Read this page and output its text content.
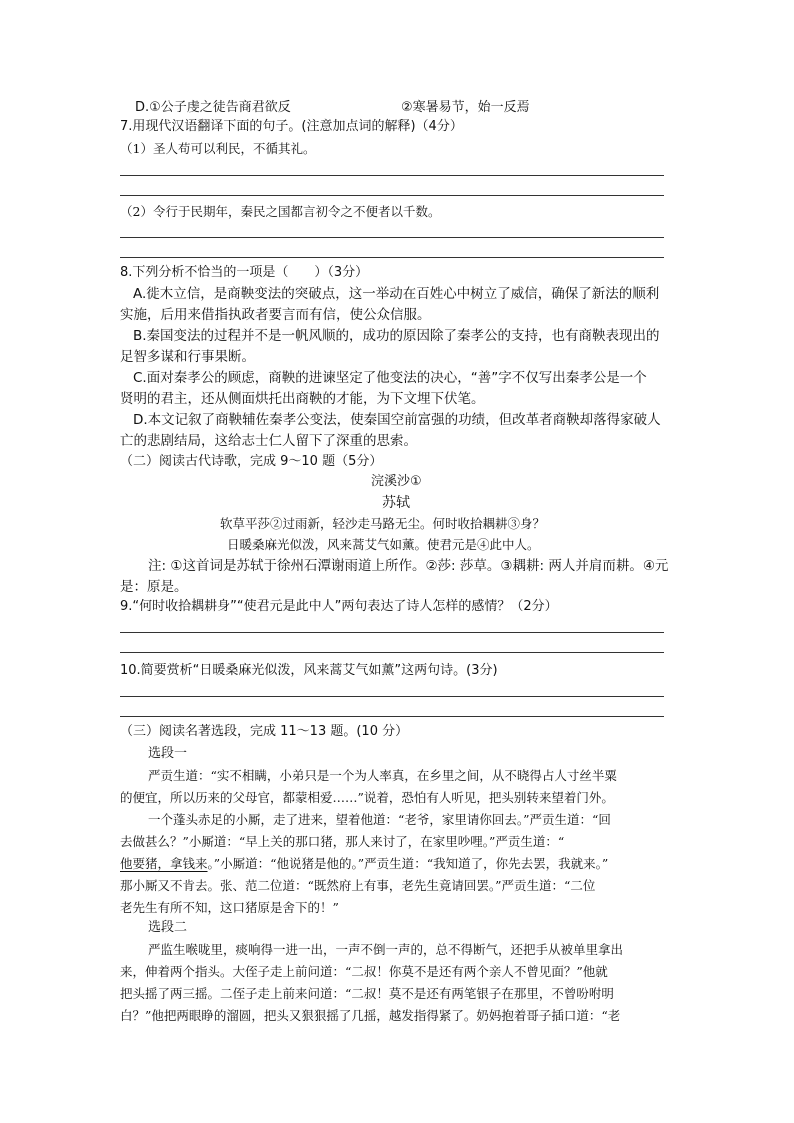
D.①公子虔之徒告商君欲反	②寒暑易节，始一反焉
7.用现代汉语翻译下面的句子。(注意加点词的解释)（4分）
（1）圣人苟可以利民，不循其礼。
（2）令行于民期年，秦民之国都言初令之不便者以千数。
8.下列分析不恰当的一项是（　　）（3分）
A.徙木立信，是商鞅变法的突破点，这一举动在百姓心中树立了威信，确保了新法的顺利
实施，后用来借指执政者要言而有信，使公众信服。
B.秦国变法的过程并不是一帆风顺的，成功的原因除了秦孝公的支持，也有商鞅表现出的
足智多谋和行事果断。
C.面对秦孝公的顾虑，商鞅的进谏坚定了他变法的决心，“善”字不仅写出秦孝公是一个
贤明的君主，还从侧面烘托出商鞅的才能，为下文埋下伏笔。
D.本文记叙了商鞅辅佐秦孝公变法，使秦国空前富强的功绩，但改革者商鞅却落得家破人
亡的悲剧结局，这给志士仁人留下了深重的思索。
（二）阅读古代诗歌，完成 9～10 题（5分）
浣溪沙①
苏轼
软草平莎②过雨新，轻沙走马路无尘。何时收拾耦耕③身？
日暖桑麻光似泼，风来蒿艾气如薰。使君元是④此中人。
注: ①这首词是苏轼于徐州石潭谢雨道上所作。②莎: 莎草。③耦耕: 两人并肩而耕。④元
是：原是。
9.“何时收拾耦耕身”“使君元是此中人”两句表达了诗人怎样的感情？（2分）
10.简要赏析“日暖桑麻光似泼，风来蒿艾气如薰”这两句诗。(3分)
（三）阅读名著选段，完成 11～13 题。(10 分）
选段一
严贡生道：“实不相瞒，小弟只是一个为人率真，在乡里之间，从不晓得占人寸丝半粟
的便宜，所以历来的父母官，都蒙相爱……”说着，恐怕有人听见，把头别转来望着门外。
一个蓬头赤足的小厮，走了进来，望着他道：“老爷，家里请你回去。”严贡生道：“回
去做甚么？”小厮道：“早上关的那口猪，那人来讨了，在家里吵哩。”严贡生道：“
他要猪，拿钱来。”小厮道：“他说猪是他的。”严贡生道：“我知道了，你先去罢，我就来。”
那小厮又不肯去。张、范二位道：“既然府上有事，老先生竟请回罢。”严贡生道：“二位
老先生有所不知，这口猪原是舍下的！”
选段二
严监生喉咙里，痰响得一进一出，一声不倒一声的，总不得断气，还把手从被单里拿出
来，伸着两个指头。大侄子走上前问道：“二叔！你莫不是还有两个亲人不曾见面？”他就
把头摇了两三摇。二侄子走上前来问道：“二叔！莫不是还有两笔银子在那里，不曾吩咐明
白？”他把两眼睁的溜圆，把头又狠狠摇了几摇，越发指得紧了。奶妈抱着哥子插口道：“老
